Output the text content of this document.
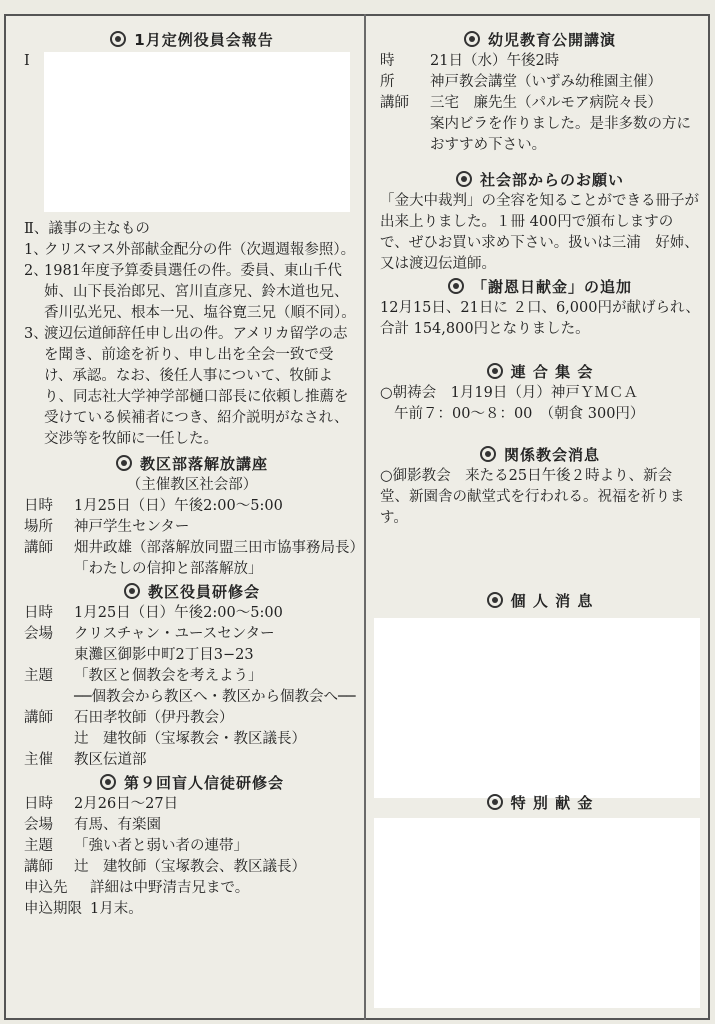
1月定例役員会報告
Ⅰ
Ⅱ、議事の主なもの
1、
クリスマス外部献金配分の件（次週週報参照）。
2、
1981年度予算委員選任の件。委員、東山千代姉、山下長治郎兄、宮川直彦兄、鈴木道也兄、香川弘光兄、根本一兄、塩谷寛三兄（順不同）。
3、
渡辺伝道師辞任申し出の件。アメリカ留学の志を聞き、前途を祈り、申し出を全会一致で受け、承認。なお、後任人事について、牧師より、同志社大学神学部樋口部長に依頼し推薦を受けている候補者につき、紹介説明がなされ、交渉等を牧師に一任した。
教区部落解放講座
（主催教区社会部）
日時	1月25日（日）午後2:00〜5:00
場所	神戸学生センター
講師	畑井政雄（部落解放同盟三田市協事務局長）「わたしの信抑と部落解放」
教区役員研修会
日時	1月25日（日）午後2:00〜5:00
会場	クリスチャン・ユースセンター
東灘区御影中町2丁目3−23
主題	「教区と個教会を考えよう」
──個教会から教区へ・教区から個教会へ──
講師	石田孝牧師（伊丹教会）
辻　建牧師（宝塚教会・教区議長）
主催	教区伝道部
第９回盲人信徒研修会
日時	2月26日〜27日
会場	有馬、有楽園
主題	「強い者と弱い者の連帯」
講師	辻　建牧師（宝塚教会、教区議長）
申込先	詳細は中野清吉兄まで。
申込期限 1月末。
幼児教育公開講演
時	21日（水）午後2時
所	神戸教会講堂（いずみ幼稚園主催）
講師	三宅　廉先生（パルモア病院々長）
案内ビラを作りました。是非多数の方におすすめ下さい。
社会部からのお願い
「金大中裁判」の全容を知ることができる冊子が出来上りました。１冊 400円で頒布しますので、ぜひお買い求め下さい。扱いは三浦　好姉、又は渡辺伝道師。
「謝恩日献金」の追加
12月15日、21日に ２口、6,000円が献げられ、合計 154,800円となりました。
連 合 集 会
○朝祷会　1月19日（月）神戸ＹＭＣＡ
午前７：00〜８：00　（朝食 300円）
関係教会消息
○御影教会　来たる25日午後２時より、新会堂、新園舎の献堂式を行われる。祝福を祈ります。
個 人 消 息
特 別 献 金
